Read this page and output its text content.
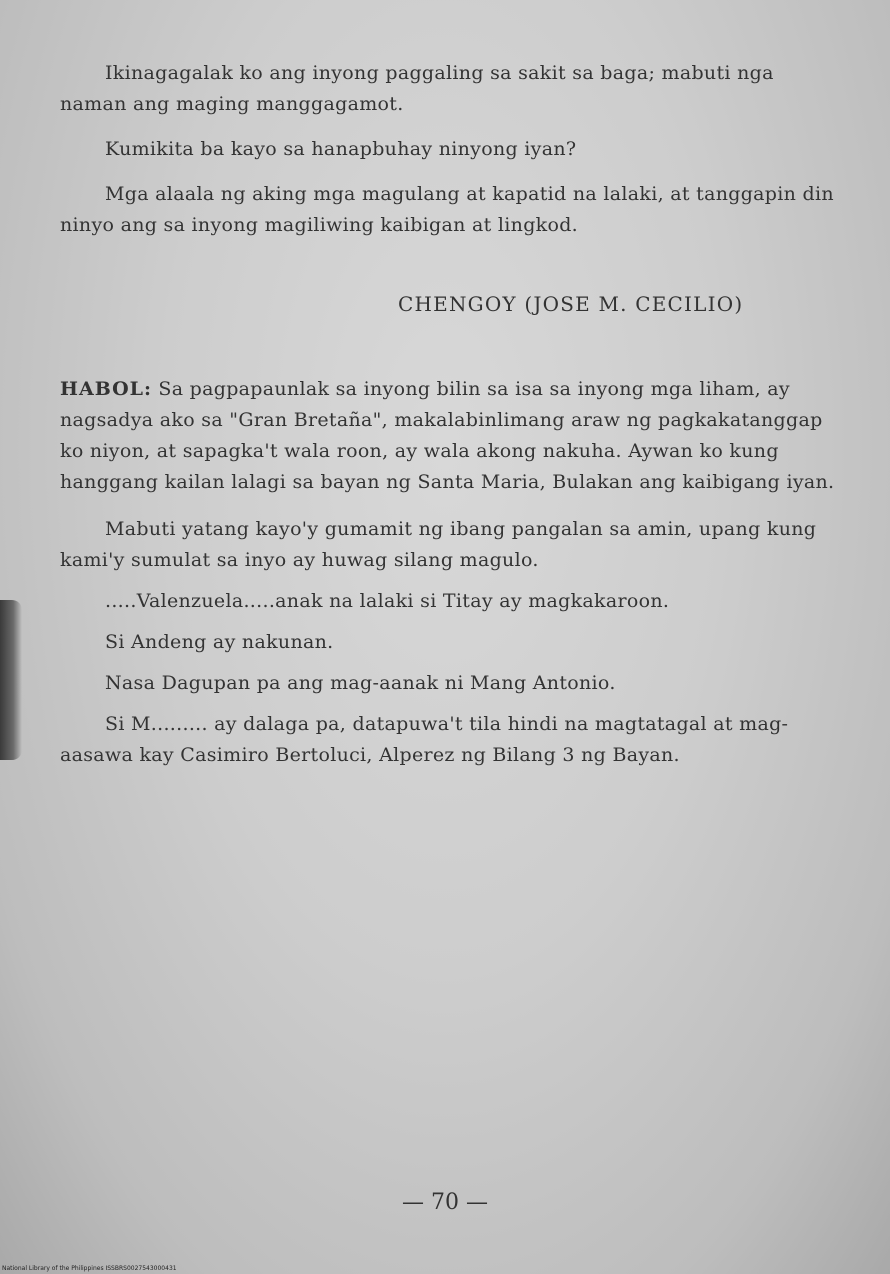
Ikinagagalak ko ang inyong paggaling sa sakit sa baga; mabuti nga naman ang maging manggagamot.

Kumikita ba kayo sa hanapbuhay ninyong iyan?

Mga alaala ng aking mga magulang at kapatid na lalaki, at tanggapin din ninyo ang sa inyong magiliwing kaibigan at lingkod.

CHENGOY (JOSE M. CECILIO)

HABOL: Sa pagpapaunlak sa inyong bilin sa isa sa inyong mga liham, ay nagsadya ako sa "Gran Bretaña", makalabinlimang araw ng pagkakatanggap ko niyon, at sapagka't wala roon, ay wala akong nakuha. Aywan ko kung hanggang kailan lalagi sa bayan ng Santa Maria, Bulakan ang kaibigang iyan.

Mabuti yatang kayo'y gumamit ng ibang pangalan sa amin, upang kung kami'y sumulat sa inyo ay huwag silang magulo.

.....Valenzuela.....anak na lalaki si Titay ay magkakaroon.

Si Andeng ay nakunan.

Nasa Dagupan pa ang mag-aanak ni Mang Antonio.

Si M......... ay dalaga pa, datapuwa't tila hindi na magtatagal at mag-aasawa kay Casimiro Bertoluci, Alperez ng Bilang 3 ng Bayan.

— 70 —
National Library of the Philippines ISSBRS0027543000431
